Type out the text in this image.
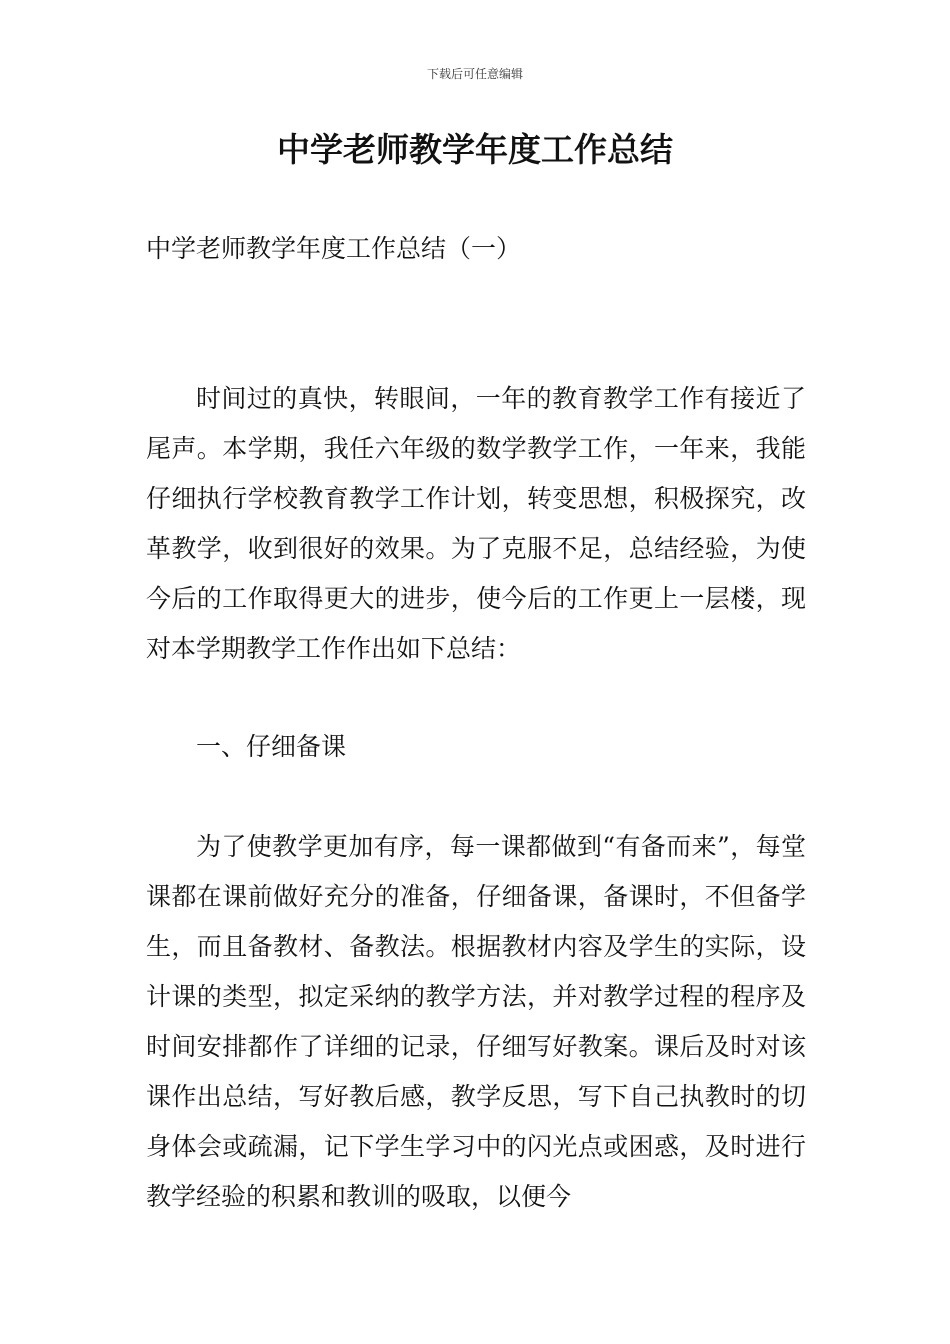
下载后可任意编辑
中学老师教学年度工作总结

中学老师教学年度工作总结（一）

时间过的真快，转眼间，一年的教育教学工作有接近了尾声。本学期，我任六年级的数学教学工作，一年来，我能仔细执行学校教育教学工作计划，转变思想，积极探究，改革教学，收到很好的效果。为了克服不足，总结经验，为使今后的工作取得更大的进步，使今后的工作更上一层楼，现对本学期教学工作作出如下总结：

一、仔细备课

为了使教学更加有序，每一课都做到“有备而来”，每堂课都在课前做好充分的准备，仔细备课，备课时，不但备学生，而且备教材、备教法。根据教材内容及学生的实际，设计课的类型，拟定采纳的教学方法，并对教学过程的程序及时间安排都作了详细的记录，仔细写好教案。课后及时对该课作出总结，写好教后感，教学反思，写下自己执教时的切身体会或疏漏，记下学生学习中的闪光点或困惑，及时进行教学经验的积累和教训的吸取，以便今
